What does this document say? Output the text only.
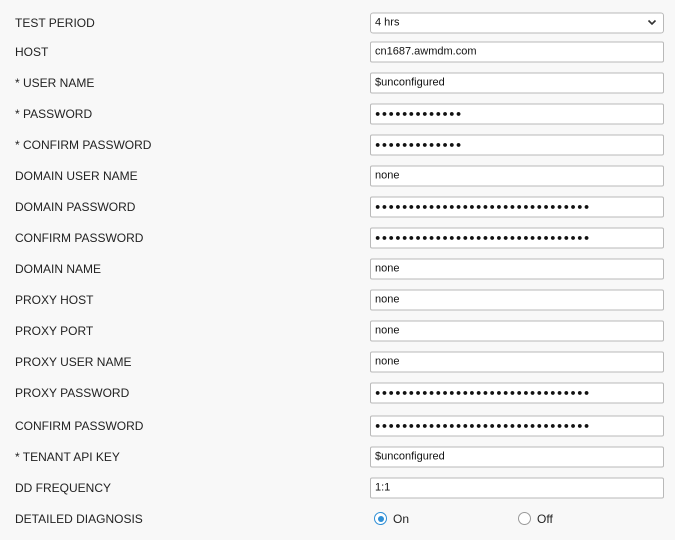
TEST PERIOD	4 hrs
HOST	cn1687.awmdm.com
* USER NAME	$unconfigured
* PASSWORD	●●●●●●●●●●●●●
* CONFIRM PASSWORD	●●●●●●●●●●●●●
DOMAIN USER NAME	none
DOMAIN PASSWORD	●●●●●●●●●●●●●●●●●●●●●●●●●●●●●●●●
CONFIRM PASSWORD	●●●●●●●●●●●●●●●●●●●●●●●●●●●●●●●●
DOMAIN NAME	none
PROXY HOST	none
PROXY PORT	none
PROXY USER NAME	none
PROXY PASSWORD	●●●●●●●●●●●●●●●●●●●●●●●●●●●●●●●●
CONFIRM PASSWORD	●●●●●●●●●●●●●●●●●●●●●●●●●●●●●●●●
* TENANT API KEY	$unconfigured
DD FREQUENCY	1:1
DETAILED DIAGNOSIS	On	Off
